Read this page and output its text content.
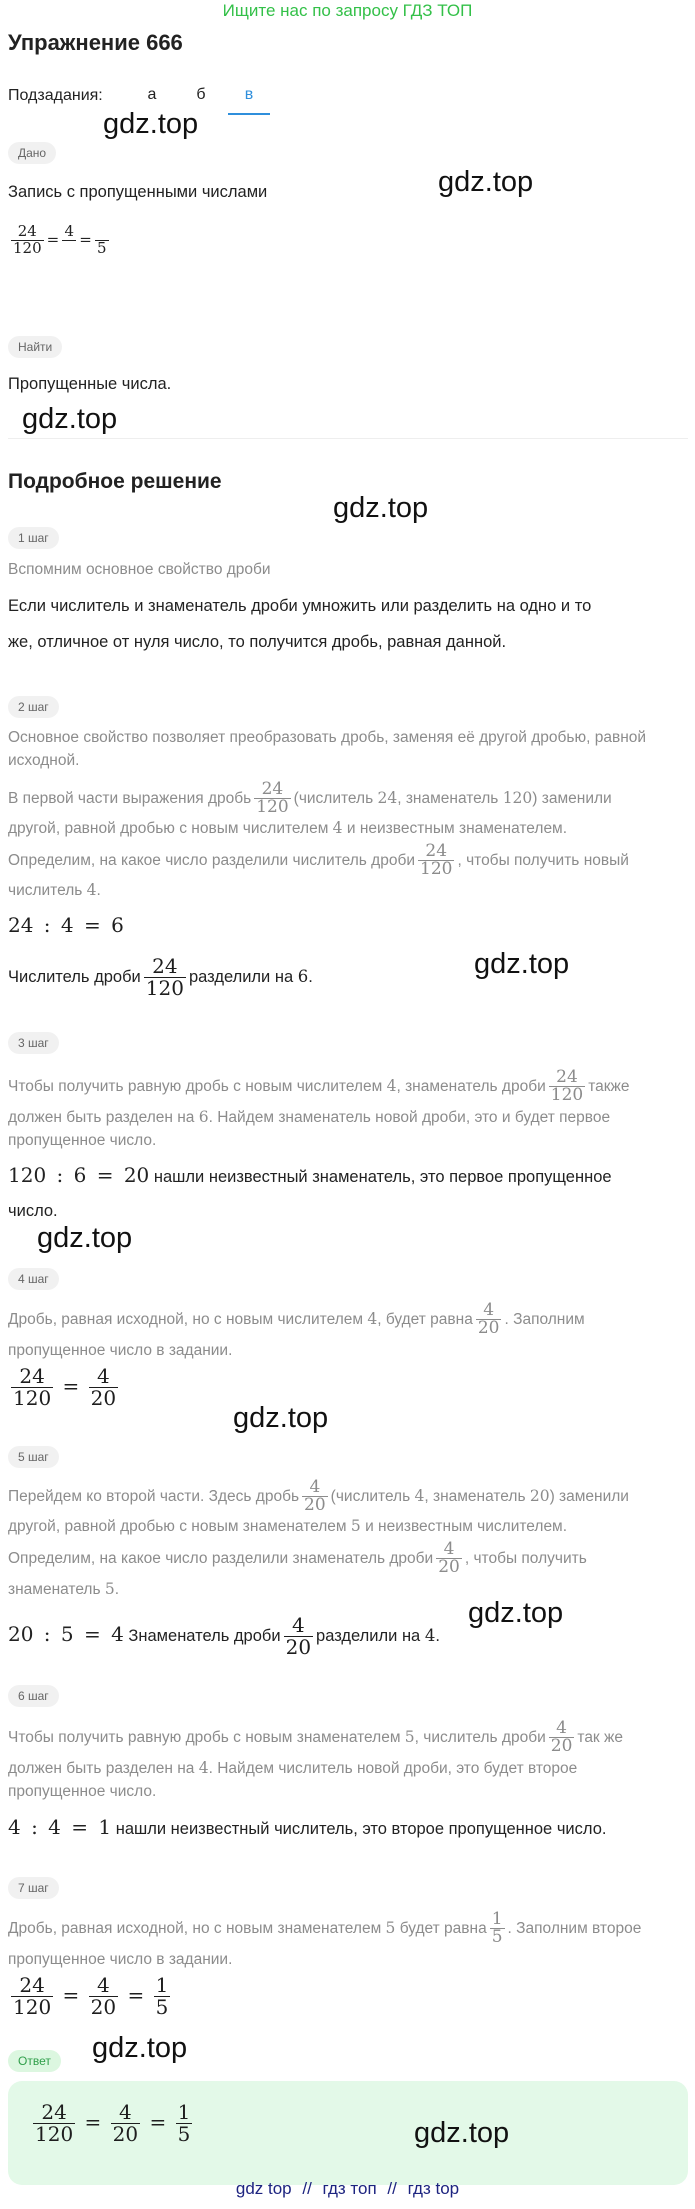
Ищите нас по запросу ГДЗ ТОП
Упражнение 666
Подзадания:	а	б	в
Дано
gdz.top
Запись с пропущенными числами	gdz.top
$\frac{24}{120} = 4$
=
5
Найти
Пропущенные числа.
gdz.top
Подробное решение
gdz.top
1 шаг
Вспомним основное свойство дроби
Если числитель и знаменатель дроби умножить или разделить на одно и то
же, отличное от нуля число, то получится дробь, равная данной.
2 шаг
Основное свойство позволяет преобразовать дробь, заменяя её другой дробью, равной
исходной.
В первой части выражения дробь $\frac{24}{120}$ (числитель 24, знаменатель 120) заменили
другой, равной дробью с новым числителем 4 и неизвестным знаменателем.
Определим, на какое число разделили числитель дроби $\frac{24}{120}$ , чтобы получить новый
числитель 4.
24 : 4 = 6
Числитель дроби $\frac{24}{120}$ разделили на 6.	gdz.top
3 шаг
Чтобы получить равную дробь с новым числителем 4, знаменатель дроби $\frac{24}{120}$ также
должен быть разделен на 6. Найдем знаменатель новой дроби, это и будет первое
пропущенное число.
120 : 6 = 20 нашли неизвестный знаменатель, это первое пропущенное
число.
gdz.top
4 шаг
Дробь, равная исходной, но с новым числителем 4, будет равна $\frac{4}{20}$ . Заполним
пропущенное число в задании.
$\frac{24}{120} = \frac{4}{20}$
gdz.top
5 шаг
Перейдем ко второй части. Здесь дробь $\frac{4}{20}$ (числитель 4, знаменатель 20) заменили
другой, равной дробью с новым знаменателем 5 и неизвестным числителем.
Определим, на какое число разделили знаменатель дроби $\frac{4}{20}$ , чтобы получить
знаменатель 5.
20 : 5 = 4 Знаменатель дроби $\frac{4}{20}$ разделили на 4.
gdz.top
6 шаг
Чтобы получить равную дробь с новым знаменателем 5, числитель дроби $\frac{4}{20}$ так же
должен быть разделен на 4. Найдем числитель новой дроби, это будет второе
пропущенное число.
4 : 4 = 1 нашли неизвестный числитель, это второе пропущенное число.
7 шаг
Дробь, равная исходной, но с новым знаменателем 5 будет равна $\frac{1}{5}$ . Заполним второе
пропущенное число в задании.
$\frac{24}{120} = \frac{4}{20} = \frac{1}{5}$
Ответ	gdz.top
$\frac{24}{120} = \frac{4}{20} = \frac{1}{5}$	gdz.top
gdz top // гдз топ // гдз top
